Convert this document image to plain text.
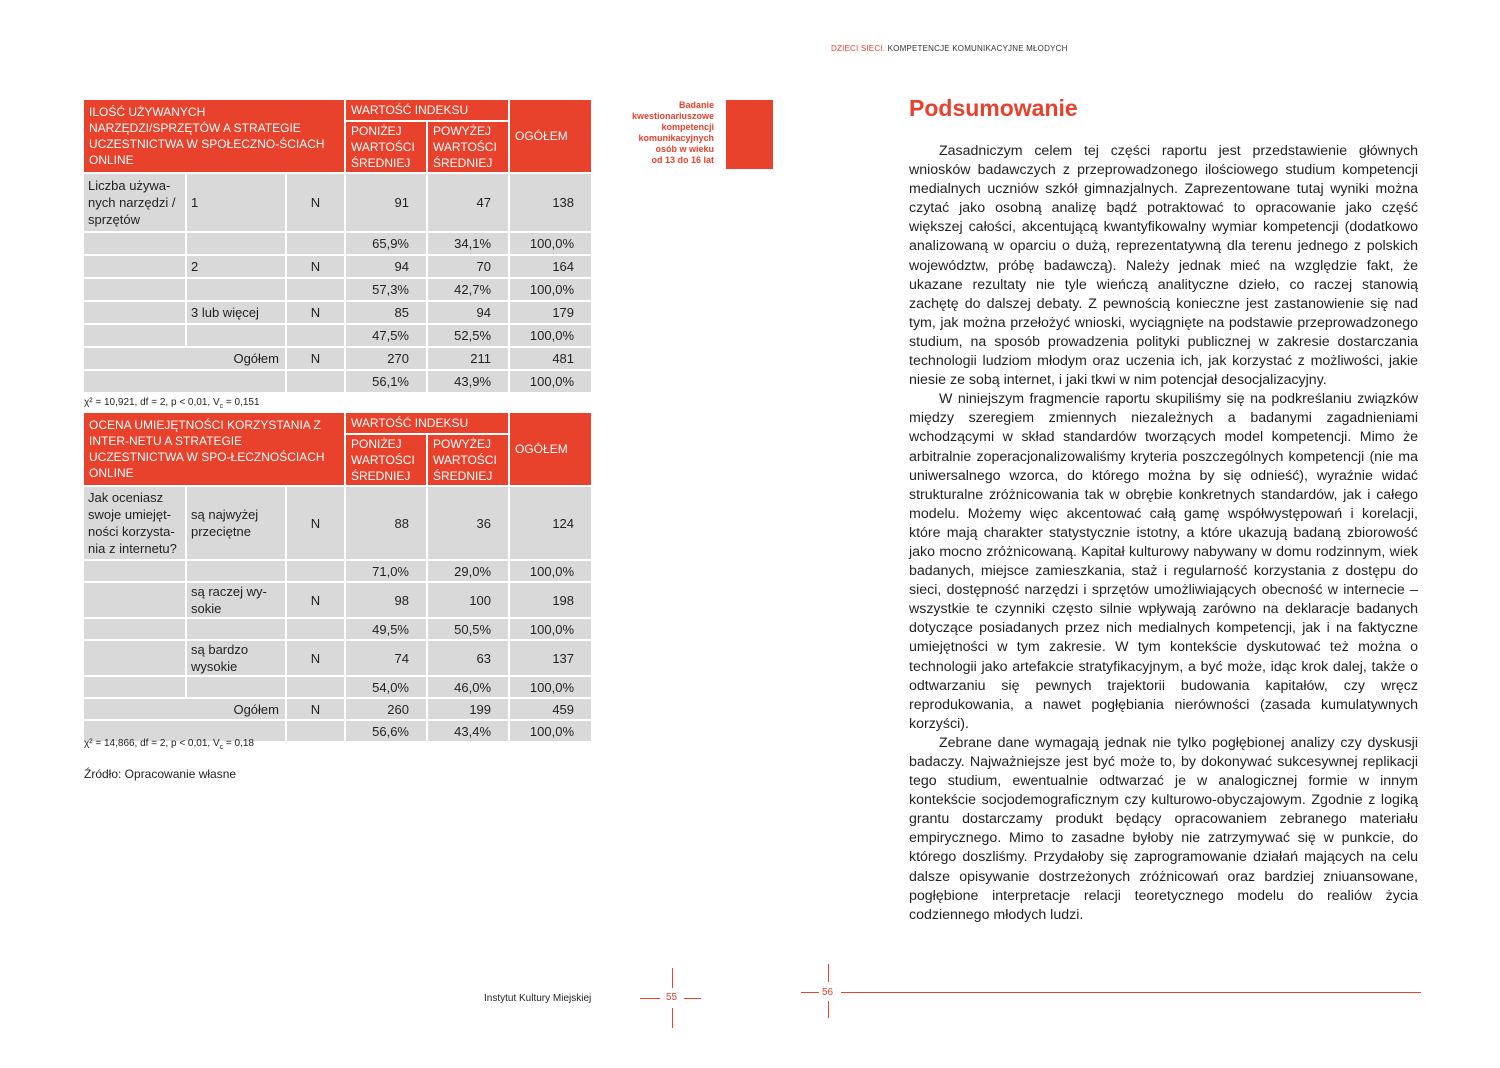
DZIECI SIECI. KOMPETENCJE KOMUNIKACYJNE MŁODYCH
ILOŚĆ UŻYWANYCH NARZĘDZI/SPRZĘTÓW A STRATEGIE UCZESTNICTWA W SPOŁECZNO-ŚCIACH ONLINE			WARTOŚĆ INDEKSU		OGÓŁEM
			PONIŻEJ WARTOŚCI ŚREDNIEJ	POWYŻEJ WARTOŚCI ŚREDNIEJ	
Liczba używa-nych narzędzi / sprzętów	1	N	91	47	138
			65,9%	34,1%	100,0%
	2	N	94	70	164
			57,3%	42,7%	100,0%
	3 lub więcej	N	85	94	179
			47,5%	52,5%	100,0%
Ogółem		N	270	211	481
			56,1%	43,9%	100,0%
χ² = 10,921, df = 2, p < 0,01, $V_c = 0,151$
OCENA UMIEJĘTNOŚCI KORZYSTANIA Z INTER-NETU A STRATEGIE UCZESTNICTWA W SPO-ŁECZNOŚCIACH ONLINE			WARTOŚĆ INDEKSU		OGÓŁEM
			PONIŻEJ WARTOŚCI ŚREDNIEJ	POWYŻEJ WARTOŚCI ŚREDNIEJ	
Jak oceniasz swoje umiejęt-ności korzysta-nia z internetu?	są najwyżej przeciętne	N	88	36	124
			71,0%	29,0%	100,0%
	są raczej wy-sokie	N	98	100	198
			49,5%	50,5%	100,0%
	są bardzo wysokie	N	74	63	137
			54,0%	46,0%	100,0%
Ogółem		N	260	199	459
			56,6%	43,4%	100,0%
χ² = 14,866, df = 2, p < 0,01, $V_c = 0,18$
Źródło: Opracowanie własne
Badanie
kwestionariuszowe
kompetencji
komunikacyjnych
osób w wieku
od 13 do 16 lat
Podsumowanie

Zasadniczym celem tej części raportu jest przedstawienie głównych wniosków badawczych z przeprowadzonego ilościowego studium kompetencji medialnych uczniów szkół gimnazjalnych. Zaprezentowane tutaj wyniki można czytać jako osobną analizę bądź potraktować to opracowanie jako część większej całości, akcentującą kwantyfikowalny wymiar kompetencji (dodatkowo analizowaną w oparciu o dużą, reprezentatywną dla terenu jednego z polskich województw, próbę badawczą). Należy jednak mieć na względzie fakt, że ukazane rezultaty nie tyle wieńczą analityczne dzieło, co raczej stanowią zachętę do dalszej debaty. Z pewnością konieczne jest zastanowienie się nad tym, jak można przełożyć wnioski, wyciągnięte na podstawie przeprowadzonego studium, na sposób prowadzenia polityki publicznej w zakresie dostarczania technologii ludziom młodym oraz uczenia ich, jak korzystać z możliwości, jakie niesie ze sobą internet, i jaki tkwi w nim potencjał desocjalizacyjny.

W niniejszym fragmencie raportu skupiliśmy się na podkreślaniu związków między szeregiem zmiennych niezależnych a badanymi zagadnieniami wchodzącymi w skład standardów tworzących model kompetencji. Mimo że arbitralnie zoperacjonalizowaliśmy kryteria poszczególnych kompetencji (nie ma uniwersalnego wzorca, do którego można by się odnieść), wyraźnie widać strukturalne zróżnicowania tak w obrębie konkretnych standardów, jak i całego modelu. Możemy więc akcentować całą gamę współwystępowań i korelacji, które mają charakter statystycznie istotny, a które ukazują badaną zbiorowość jako mocno zróżnicowaną. Kapitał kulturowy nabywany w domu rodzinnym, wiek badanych, miejsce zamieszkania, staż i regularność korzystania z dostępu do sieci, dostępność narzędzi i sprzętów umożliwiających obecność w internecie – wszystkie te czynniki często silnie wpływają zarówno na deklaracje badanych dotyczące posiadanych przez nich medialnych kompetencji, jak i na faktyczne umiejętności w tym zakresie. W tym kontekście dyskutować też można o technologii jako artefakcie stratyfikacyjnym, a być może, idąc krok dalej, także o odtwarzaniu się pewnych trajektorii budowania kapitałów, czy wręcz reprodukowania, a nawet pogłębiania nierówności (zasada kumulatywnych korzyści).

Zebrane dane wymagają jednak nie tylko pogłębionej analizy czy dyskusji badaczy. Najważniejsze jest być może to, by dokonywać sukcesywnej replikacji tego studium, ewentualnie odtwarzać je w analogicznej formie w innym kontekście socjodemograficznym czy kulturowo-obyczajowym. Zgodnie z logiką grantu dostarczamy produkt będący opracowaniem zebranego materiału empirycznego. Mimo to zasadne byłoby nie zatrzymywać się w punkcie, do którego doszliśmy. Przydałoby się zaprogramowanie działań mających na celu dalsze opisywanie dostrzeżonych zróżnicowań oraz bardziej zniuansowane, pogłębione interpretacje relacji teoretycznego modelu do realiów życia codziennego młodych ludzi.

Instytut Kultury Miejskiej	55	56
